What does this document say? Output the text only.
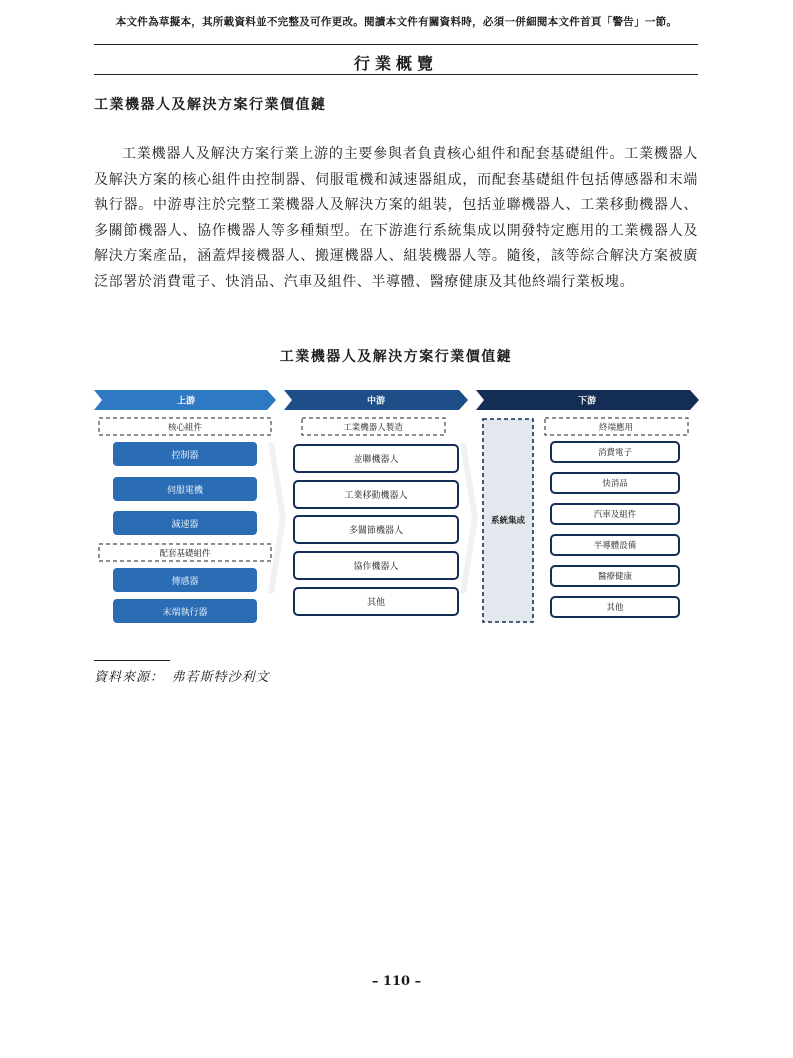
本文件為草擬本，其所載資料並不完整及可作更改。閱讀本文件有關資料時，必須一併細閱本文件首頁「警告」一節。
行業概覽
工業機器人及解決方案行業價值鏈

工業機器人及解決方案行業上游的主要參與者負責核心組件和配套基礎組件。工業機器人及解決方案的核心組件由控制器、伺服電機和減速器組成，而配套基礎組件包括傳感器和末端執行器。中游專注於完整工業機器人及解決方案的組裝，包括並聯機器人、工業移動機器人、多關節機器人、協作機器人等多種類型。在下游進行系統集成以開發特定應用的工業機器人及解決方案產品，涵蓋焊接機器人、搬運機器人、組裝機器人等。隨後，該等綜合解決方案被廣泛部署於消費電子、快消品、汽車及組件、半導體、醫療健康及其他終端行業板塊。

工業機器人及解決方案行業價值鏈
上游	中游	下游
核心組件
控制器
伺服電機
減速器
配套基礎組件
傳感器
末端執行器
工業機器人製造
並聯機器人
工業移動機器人
多關節機器人
協作機器人
其他
系統集成
終端應用
消費電子
快消品
汽車及組件
半導體設備
醫療健康
其他
資料來源：　弗若斯特沙利文
– 110 –
